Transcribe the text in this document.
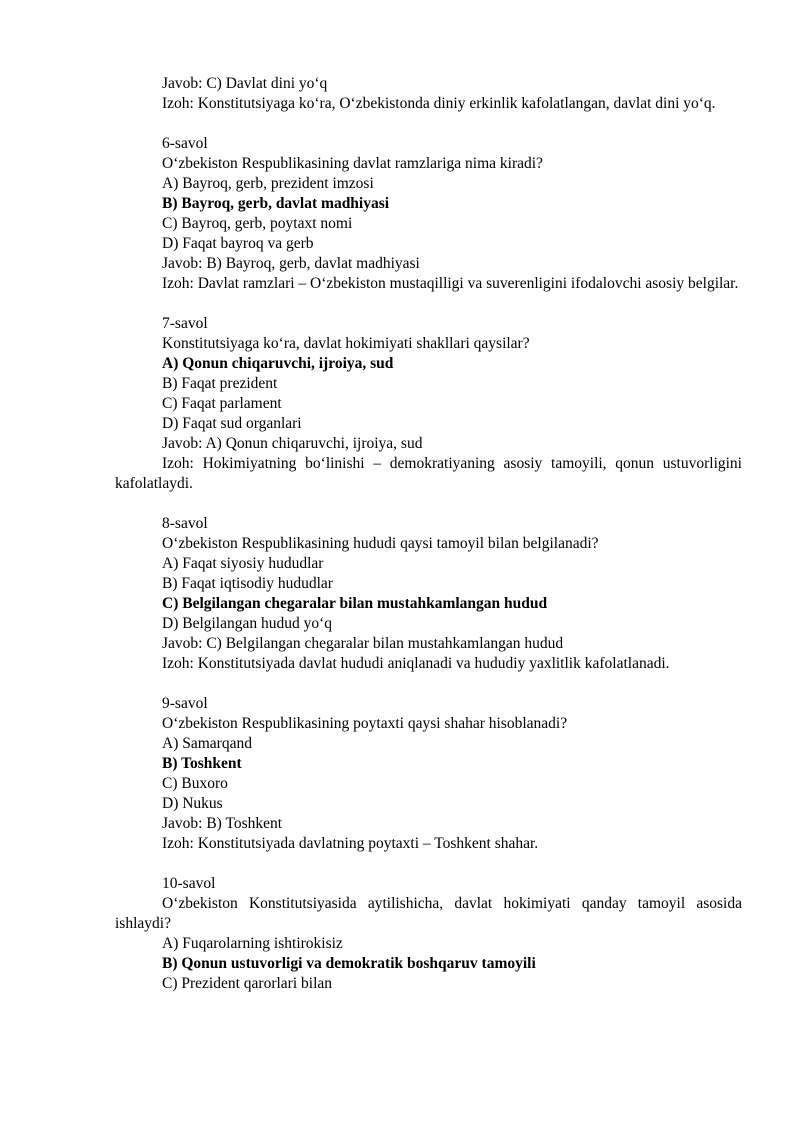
Javob: C) Davlat dini yo‘q

Izoh: Konstitutsiyaga ko‘ra, O‘zbekistonda diniy erkinlik kafolatlangan, davlat dini yo‘q.

6-savol

O‘zbekiston Respublikasining davlat ramzlariga nima kiradi?

A) Bayroq, gerb, prezident imzosi

B) Bayroq, gerb, davlat madhiyasi

C) Bayroq, gerb, poytaxt nomi

D) Faqat bayroq va gerb

Javob: B) Bayroq, gerb, davlat madhiyasi

Izoh: Davlat ramzlari – O‘zbekiston mustaqilligi va suverenligini ifodalovchi asosiy belgilar.

7-savol

Konstitutsiyaga ko‘ra, davlat hokimiyati shakllari qaysilar?

A) Qonun chiqaruvchi, ijroiya, sud

B) Faqat prezident

C) Faqat parlament

D) Faqat sud organlari

Javob: A) Qonun chiqaruvchi, ijroiya, sud

Izoh: Hokimiyatning bo‘linishi – demokratiyaning asosiy tamoyili, qonun ustuvorligini kafolatlaydi.

8-savol

O‘zbekiston Respublikasining hududi qaysi tamoyil bilan belgilanadi?

A) Faqat siyosiy hududlar

B) Faqat iqtisodiy hududlar

C) Belgilangan chegaralar bilan mustahkamlangan hudud

D) Belgilangan hudud yo‘q

Javob: C) Belgilangan chegaralar bilan mustahkamlangan hudud

Izoh: Konstitutsiyada davlat hududi aniqlanadi va hududiy yaxlitlik kafolatlanadi.

9-savol

O‘zbekiston Respublikasining poytaxti qaysi shahar hisoblanadi?

A) Samarqand

B) Toshkent

C) Buxoro

D) Nukus

Javob: B) Toshkent

Izoh: Konstitutsiyada davlatning poytaxti – Toshkent shahar.

10-savol

O‘zbekiston Konstitutsiyasida aytilishicha, davlat hokimiyati qanday tamoyil asosida ishlaydi?

A) Fuqarolarning ishtirokisiz

B) Qonun ustuvorligi va demokratik boshqaruv tamoyili

C) Prezident qarorlari bilan
